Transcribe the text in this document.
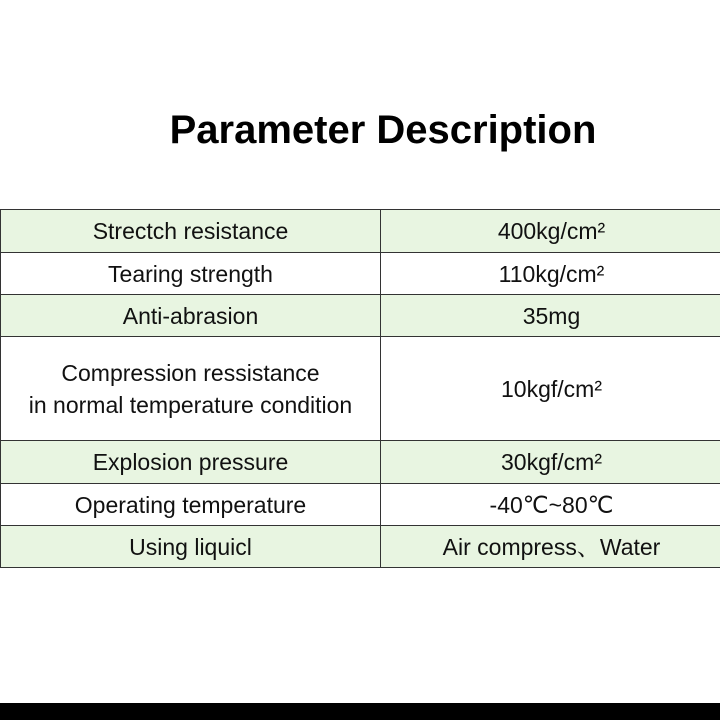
Parameter Description
Strectch resistance	400kg/cm²
Tearing strength	110kg/cm²
Anti-abrasion	35mg

Compression ressistance
in normal temperature condition	10kgf/cm²
Explosion pressure	30kgf/cm²
Operating temperature	-40℃~80℃
Using liquicl	Air compress、Water
